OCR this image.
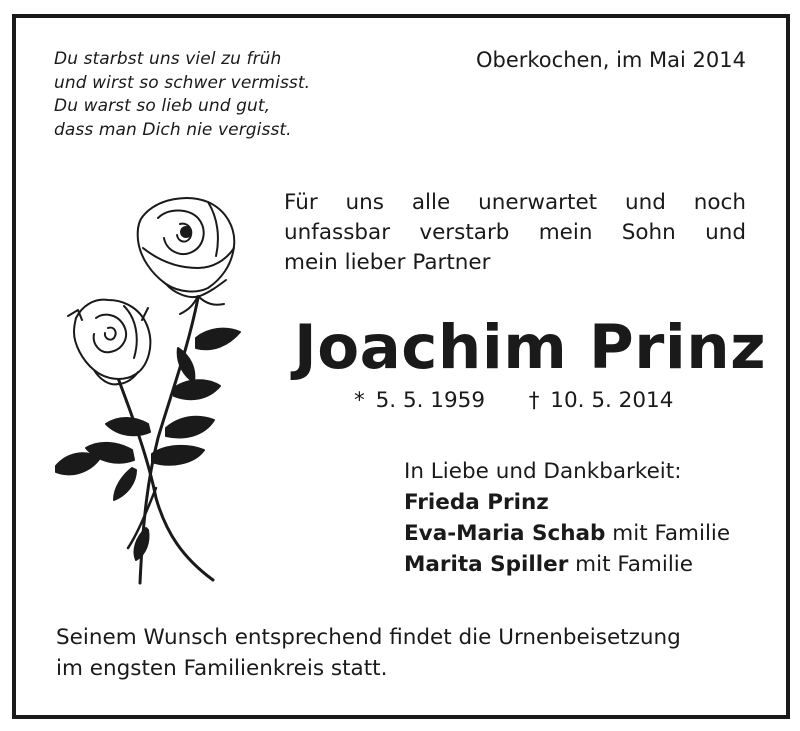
Du starbst uns viel zu früh
und wirst so schwer vermisst.
Du warst so lieb und gut,
dass man Dich nie vergisst.
Oberkochen, im Mai 2014
Für uns alle unerwartet und noch
unfassbar verstarb mein Sohn und
mein lieber Partner
Joachim Prinz
* 5. 5. 1959 † 10. 5. 2014
In Liebe und Dankbarkeit:
Frieda Prinz
Eva-Maria Schab mit Familie
Marita Spiller mit Familie
Seinem Wunsch entsprechend findet die Urnenbeisetzung
im engsten Familienkreis statt.
